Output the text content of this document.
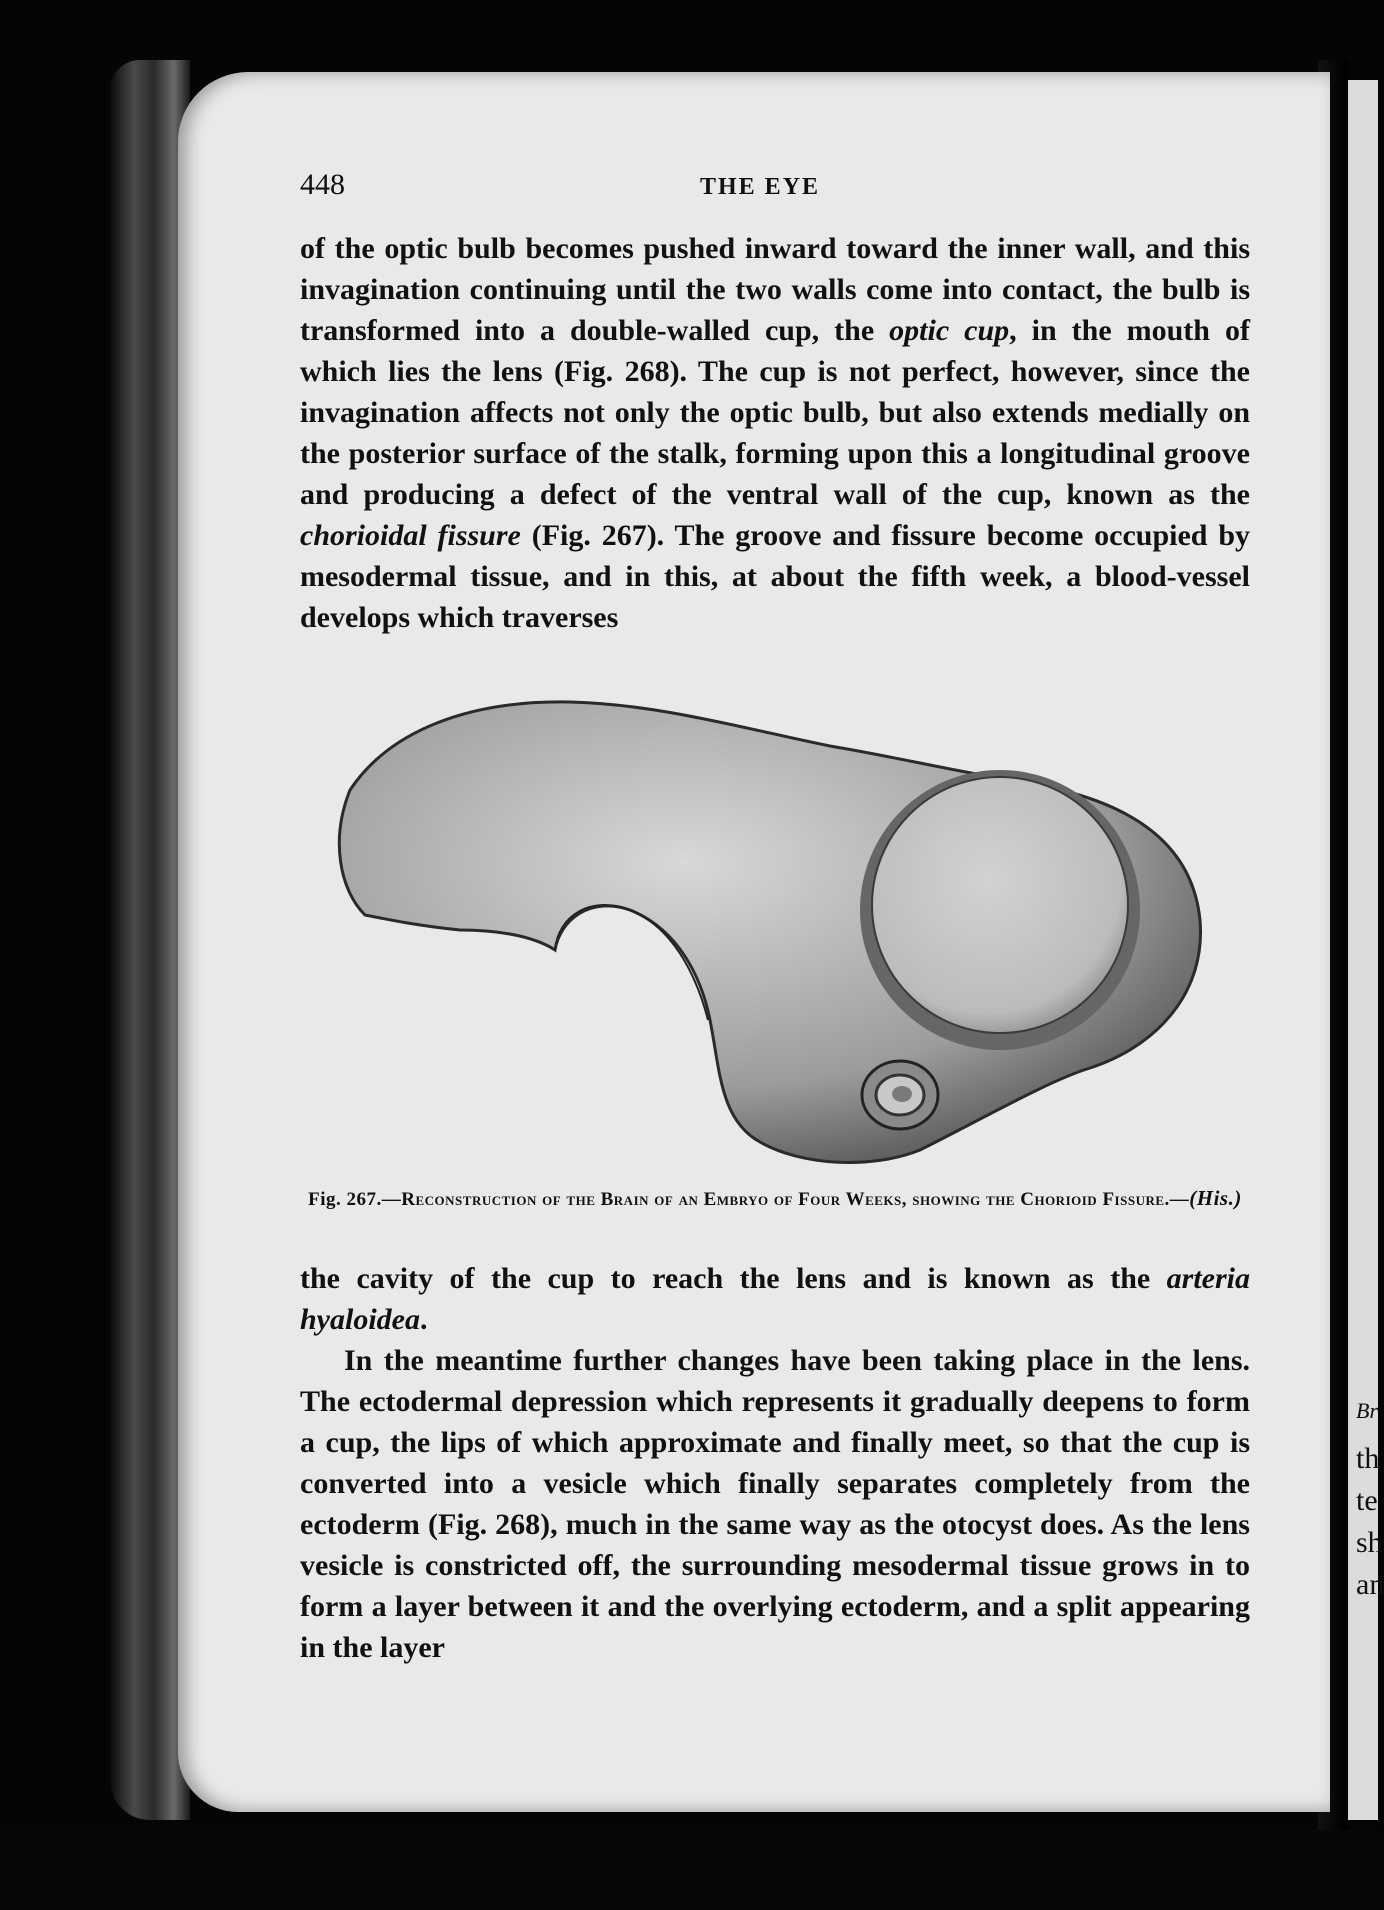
Br
th
te
sh
an
448	THE EYE

of the optic bulb becomes pushed inward toward the inner wall, and this invagination continuing until the two walls come into contact, the bulb is transformed into a double-walled cup, the optic cup, in the mouth of which lies the lens (Fig. 268). The cup is not perfect, however, since the invagination affects not only the optic bulb, but also extends medially on the posterior surface of the stalk, forming upon this a longitudinal groove and producing a defect of the ventral wall of the cup, known as the chorioidal fissure (Fig. 267). The groove and fissure become occupied by mesodermal tissue, and in this, at about the fifth week, a blood-vessel develops which traverses

Fig. 267.—Reconstruction of the Brain of an Embryo of Four Weeks, showing the Chorioid Fissure.—(His.)

the cavity of the cup to reach the lens and is known as the arteria hyaloidea.

In the meantime further changes have been taking place in the lens. The ectodermal depression which represents it gradually deepens to form a cup, the lips of which approximate and finally meet, so that the cup is converted into a vesicle which finally separates completely from the ectoderm (Fig. 268), much in the same way as the otocyst does. As the lens vesicle is constricted off, the surrounding mesodermal tissue grows in to form a layer between it and the overlying ectoderm, and a split appearing in the layer
